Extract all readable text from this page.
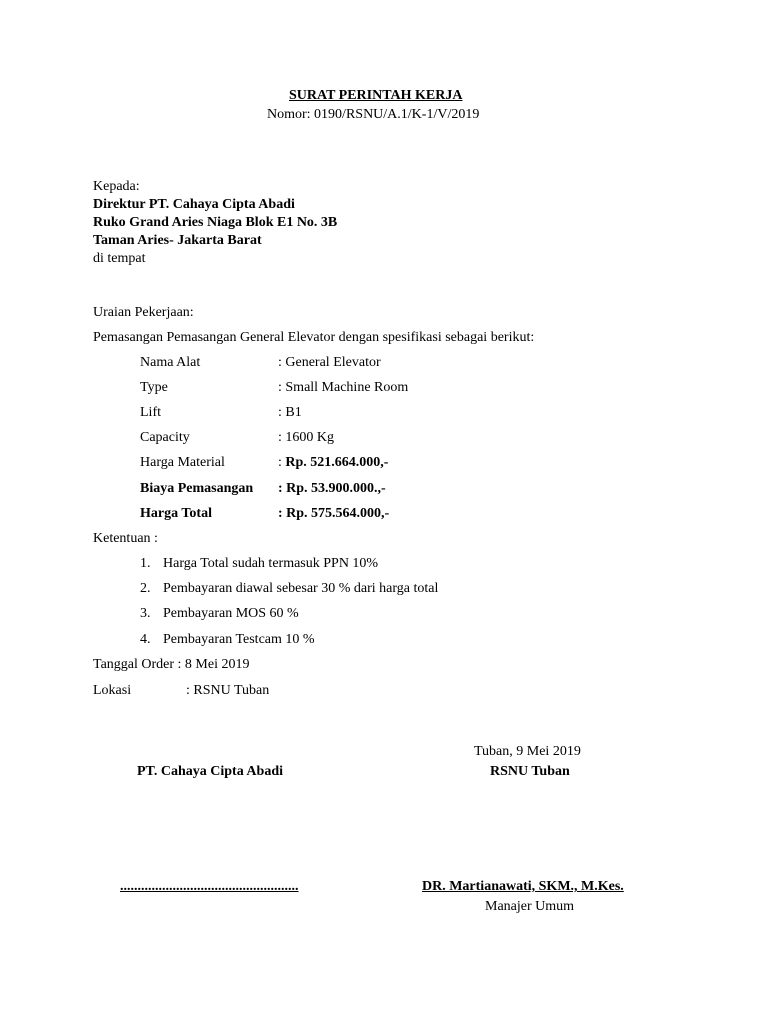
SURAT PERINTAH KERJA
Nomor: 0190/RSNU/A.1/K-1/V/2019
Kepada:
Direktur PT. Cahaya Cipta Abadi
Ruko Grand Aries Niaga Blok E1 No. 3B
Taman Aries- Jakarta Barat
di tempat
Uraian Pekerjaan:
Pemasangan Pemasangan General Elevator dengan spesifikasi sebagai berikut:
Nama Alat	: General Elevator
Type	: Small Machine Room
Lift	: B1
Capacity	: 1600 Kg
Harga Material	: Rp. 521.664.000,-
Biaya Pemasangan : Rp. 53.900.000.,-
Harga Total	: Rp. 575.564.000,-
Ketentuan :
1. Harga Total sudah termasuk PPN 10%
2. Pembayaran diawal sebesar 30 % dari harga total
3. Pembayaran MOS 60 %
4. Pembayaran Testcam 10 %
Tanggal Order : 8 Mei 2019
Lokasi	: RSNU Tuban
Tuban, 9 Mei 2019
PT. Cahaya Cipta Abadi	RSNU Tuban
...................................................	DR. Martianawati, SKM., M.Kes.
Manajer Umum
